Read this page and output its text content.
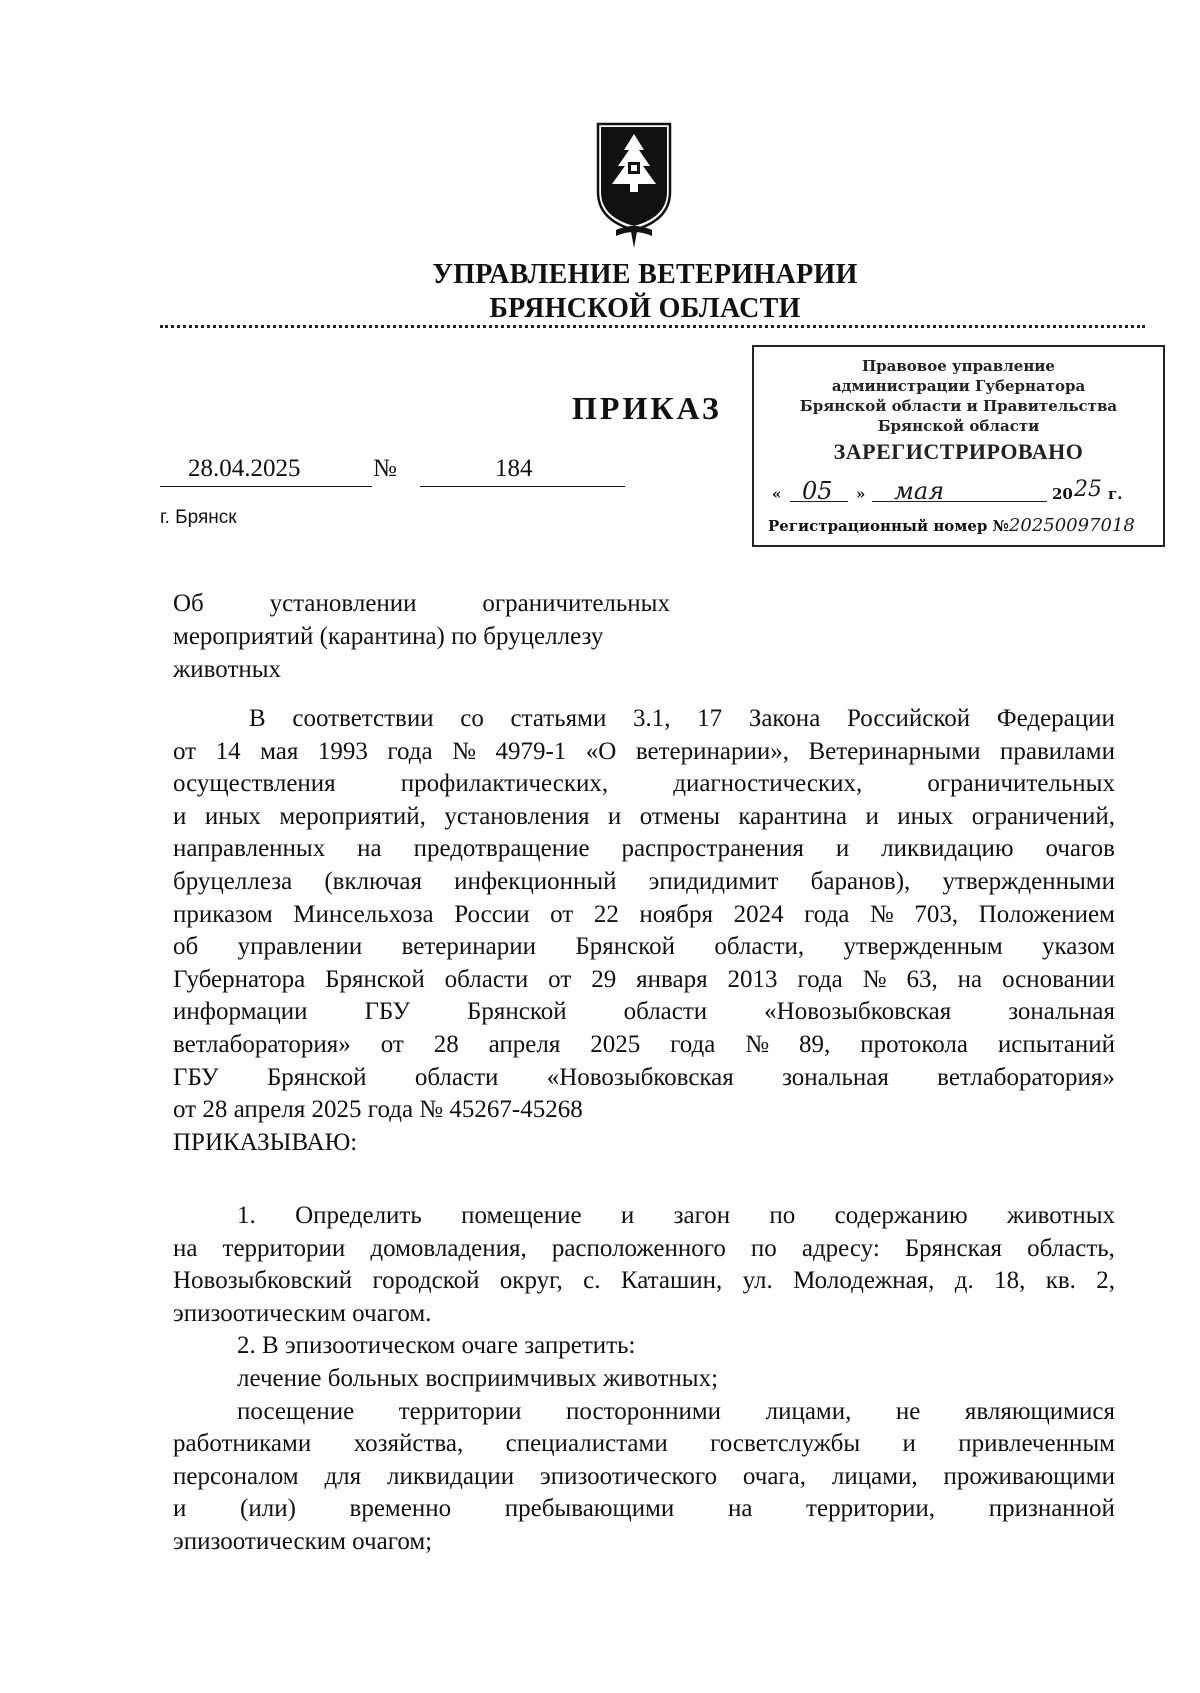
УПРАВЛЕНИЕ ВЕТЕРИНАРИИ
БРЯНСКОЙ ОБЛАСТИ
Правовое управление
администрации Губернатора
Брянской области и Правительства
Брянской области
ЗАРЕГИСТРИРОВАНО
« 05 » мая	20 25 г.
Регистрационный номер №20250097018
ПРИКАЗ
28.04.2025	№	184
г. Брянск
Об	установлении	ограничительных
мероприятий (карантина) по бруцеллезу
животных
В соответствии со статьями 3.1, 17 Закона Российской Федерации
от 14 мая 1993 года № 4979-1 «О ветеринарии», Ветеринарными правилами
осуществления	профилактических,	диагностических,	ограничительных
и иных мероприятий, установления и отмены карантина и иных ограничений,
направленных на предотвращение распространения и ликвидацию очагов
бруцеллеза (включая инфекционный эпидидимит баранов), утвержденными
приказом Минсельхоза России от 22 ноября 2024 года № 703, Положением
об управлении ветеринарии Брянской области, утвержденным указом
Губернатора Брянской области от 29 января 2013 года № 63, на основании
информации ГБУ Брянской области «Новозыбковская зональная
ветлаборатория» от 28 апреля 2025 года № 89, протокола испытаний
ГБУ Брянской области «Новозыбковская зональная ветлаборатория»
от 28 апреля 2025 года № 45267-45268
ПРИКАЗЫВАЮ:
1. Определить помещение и загон по содержанию животных
на территории домовладения, расположенного по адресу: Брянская область,
Новозыбковский городской округ, с. Каташин, ул. Молодежная, д. 18, кв. 2,
эпизоотическим очагом.
2. В эпизоотическом очаге запретить:
лечение больных восприимчивых животных;
посещение территории посторонними лицами, не являющимися
работниками хозяйства, специалистами госветслужбы и привлеченным
персоналом для ликвидации эпизоотического очага, лицами, проживающими
и (или) временно пребывающими на территории, признанной
эпизоотическим очагом;
